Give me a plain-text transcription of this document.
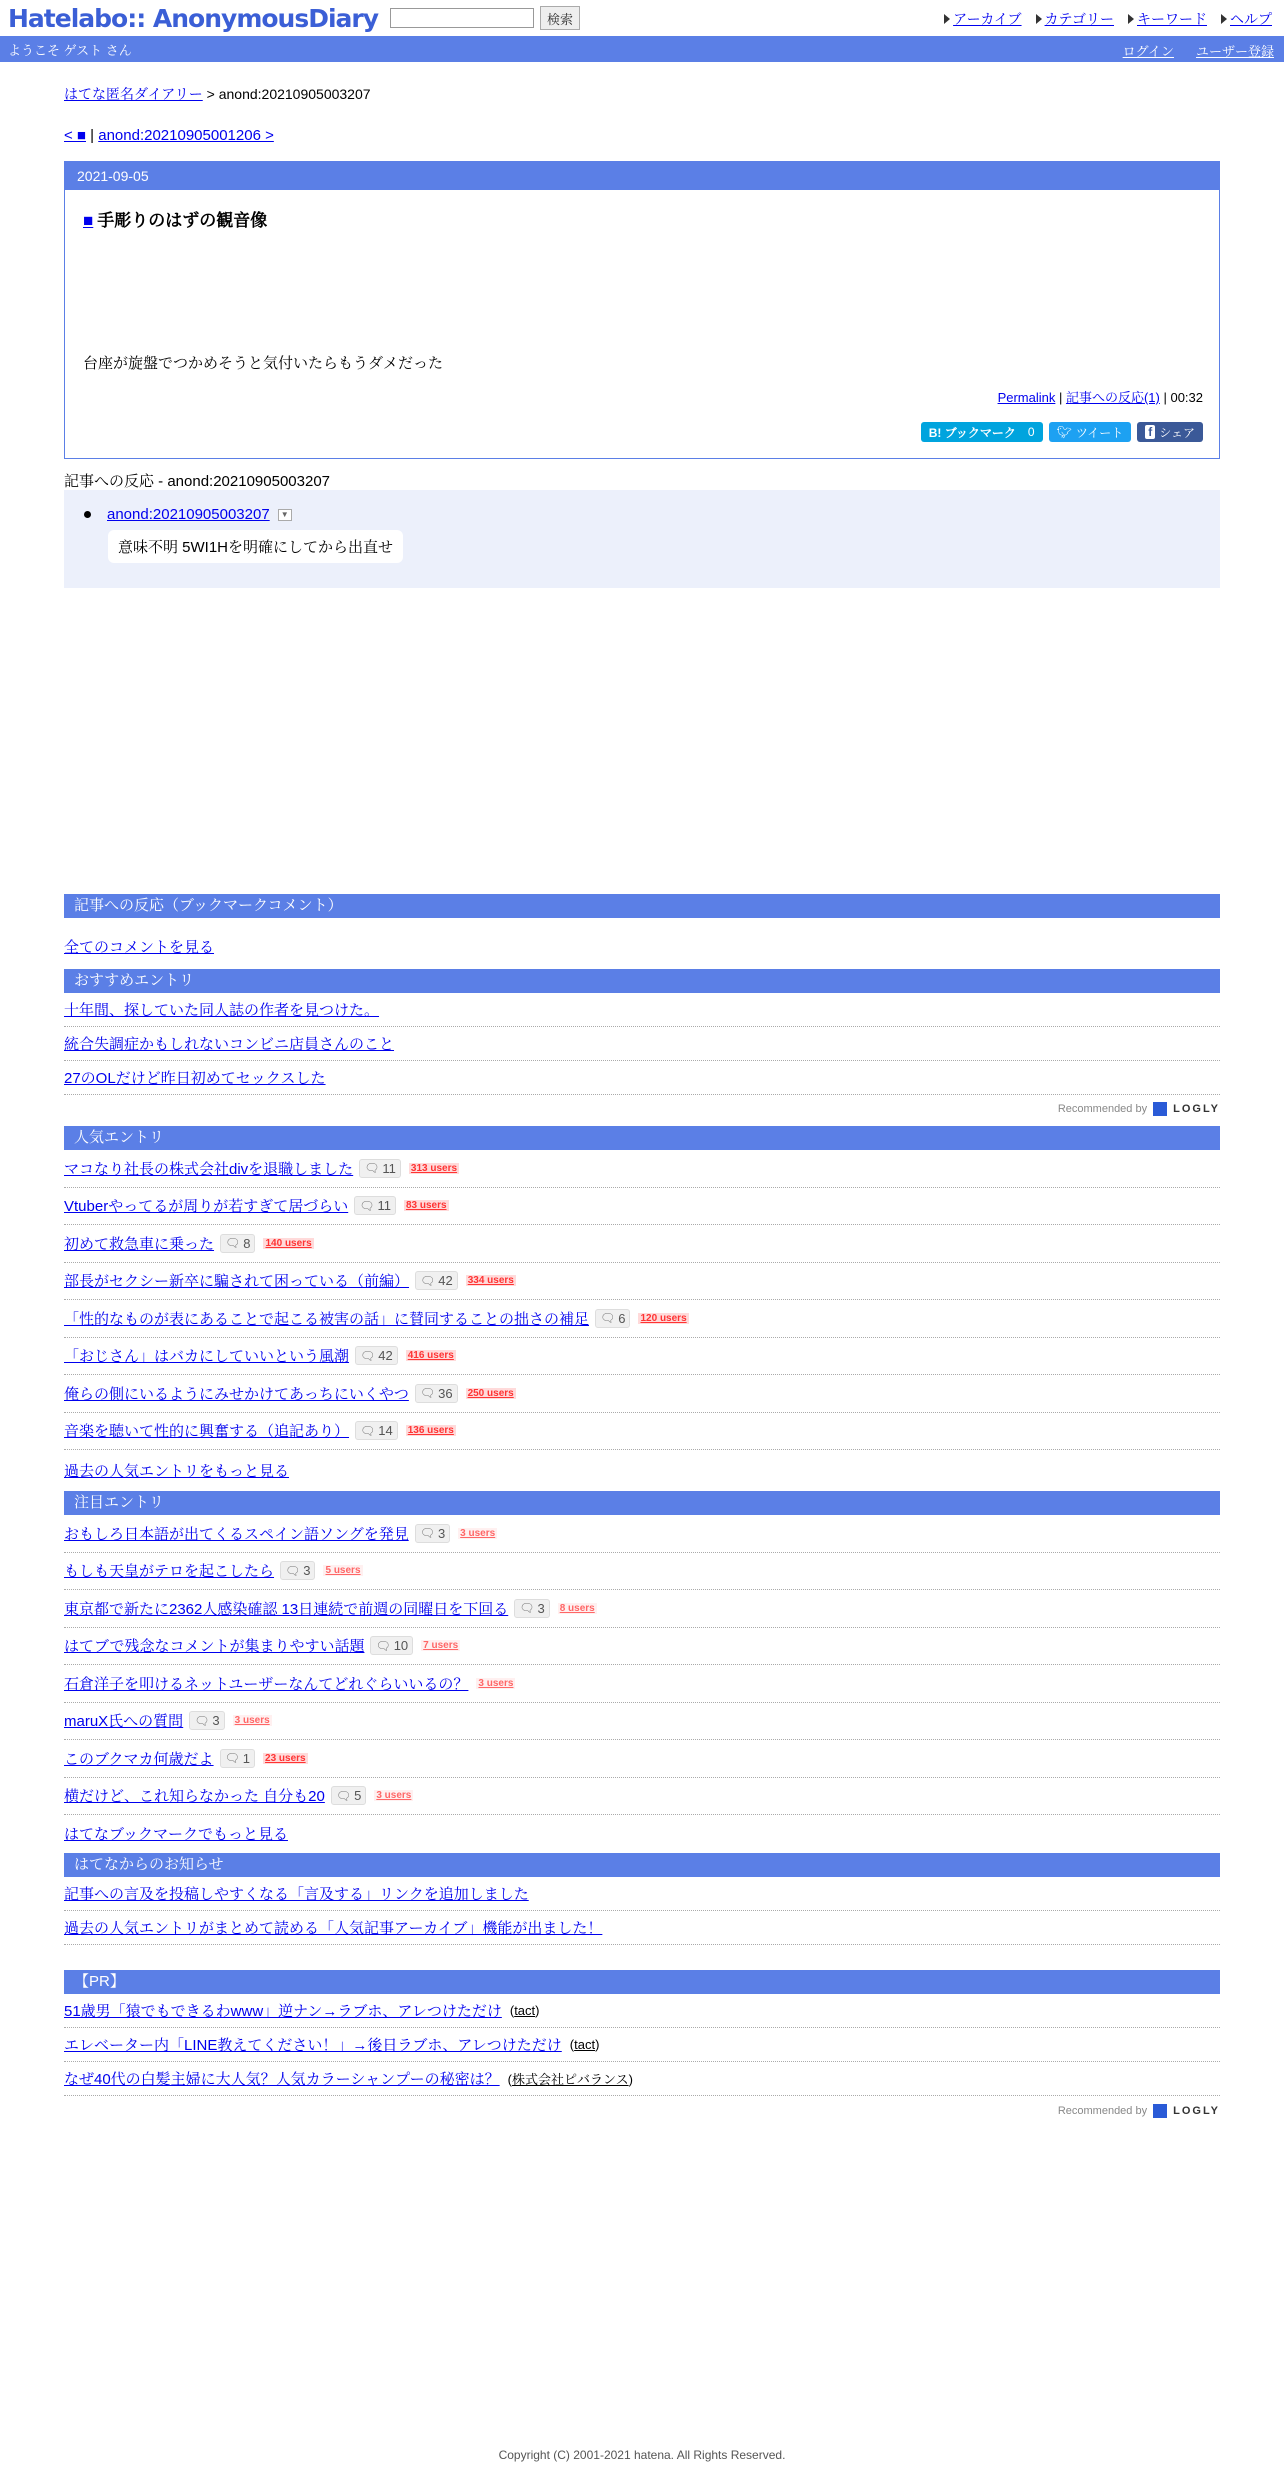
Hatelabo:: AnonymousDiary	検索	アーカイブ カテゴリー キーワード ヘルプ
ようこそ ゲスト さん	ログイン ユーザー登録
はてな匿名ダイアリー > anond:20210905003207
< ■ | anond:20210905001206 >
2021-09-05
■ 手彫りのはずの観音像
台座が旋盤でつかめそうと気付いたらもうダメだった
Permalink | 記事への反応(1) | 00:32
B! ブックマーク 0 🐦︎ ツイート f シェア
記事への反応 - anond:20210905003207
anond:20210905003207	▼
意味不明 5WI1Hを明確にしてから出直せ
記事への反応（ブックマークコメント）
全てのコメントを見る
おすすめエントリ
十年間、探していた同人誌の作者を見つけた。
統合失調症かもしれないコンビニ店員さんのこと
27のOLだけど昨日初めてセックスした
Recommended by LOGLY
人気エントリ
マコなり社長の株式会社divを退職しました 🗨︎ 11 313 users
Vtuberやってるが周りが若すぎて居づらい 🗨︎ 11 83 users
初めて救急車に乗った 🗨︎ 8 140 users
部長がセクシー新卒に騙されて困っている（前編） 🗨︎ 42 334 users
「性的なものが表にあることで起こる被害の話」に賛同することの拙さの補足 🗨︎ 6 120 users
「おじさん」はバカにしていいという風潮 🗨︎ 42 416 users
俺らの側にいるようにみせかけてあっちにいくやつ 🗨︎ 36 250 users
音楽を聴いて性的に興奮する（追記あり） 🗨︎ 14 136 users
過去の人気エントリをもっと見る
注目エントリ
おもしろ日本語が出てくるスペイン語ソングを発見 🗨︎ 3 3 users
もしも天皇がテロを起こしたら 🗨︎ 3 5 users
東京都で新たに2362人感染確認 13日連続で前週の同曜日を下回る 🗨︎ 3 8 users
はてブで残念なコメントが集まりやすい話題 🗨︎ 10 7 users
石倉洋子を叩けるネットユーザーなんてどれぐらいいるの？ 3 users
maruX氏への質問 🗨︎ 3 3 users
このブクマカ何歳だよ 🗨︎ 1 23 users
横だけど、これ知らなかった 自分も20 🗨︎ 5 3 users
はてなブックマークでもっと見る
はてなからのお知らせ
記事への言及を投稿しやすくなる「言及する」リンクを追加しました
過去の人気エントリがまとめて読める「人気記事アーカイブ」機能が出ました！
【PR】
51歳男「猿でもできるわwww」逆ナン→ラブホ、アレつけただけ (tact)
エレベーター内「LINE教えてください！」→後日ラブホ、アレつけただけ (tact)
なぜ40代の白髪主婦に大人気？人気カラーシャンプーの秘密は？ (株式会社ピバランス)
Recommended by LOGLY
Copyright (C) 2001-2021 hatena. All Rights Reserved.
